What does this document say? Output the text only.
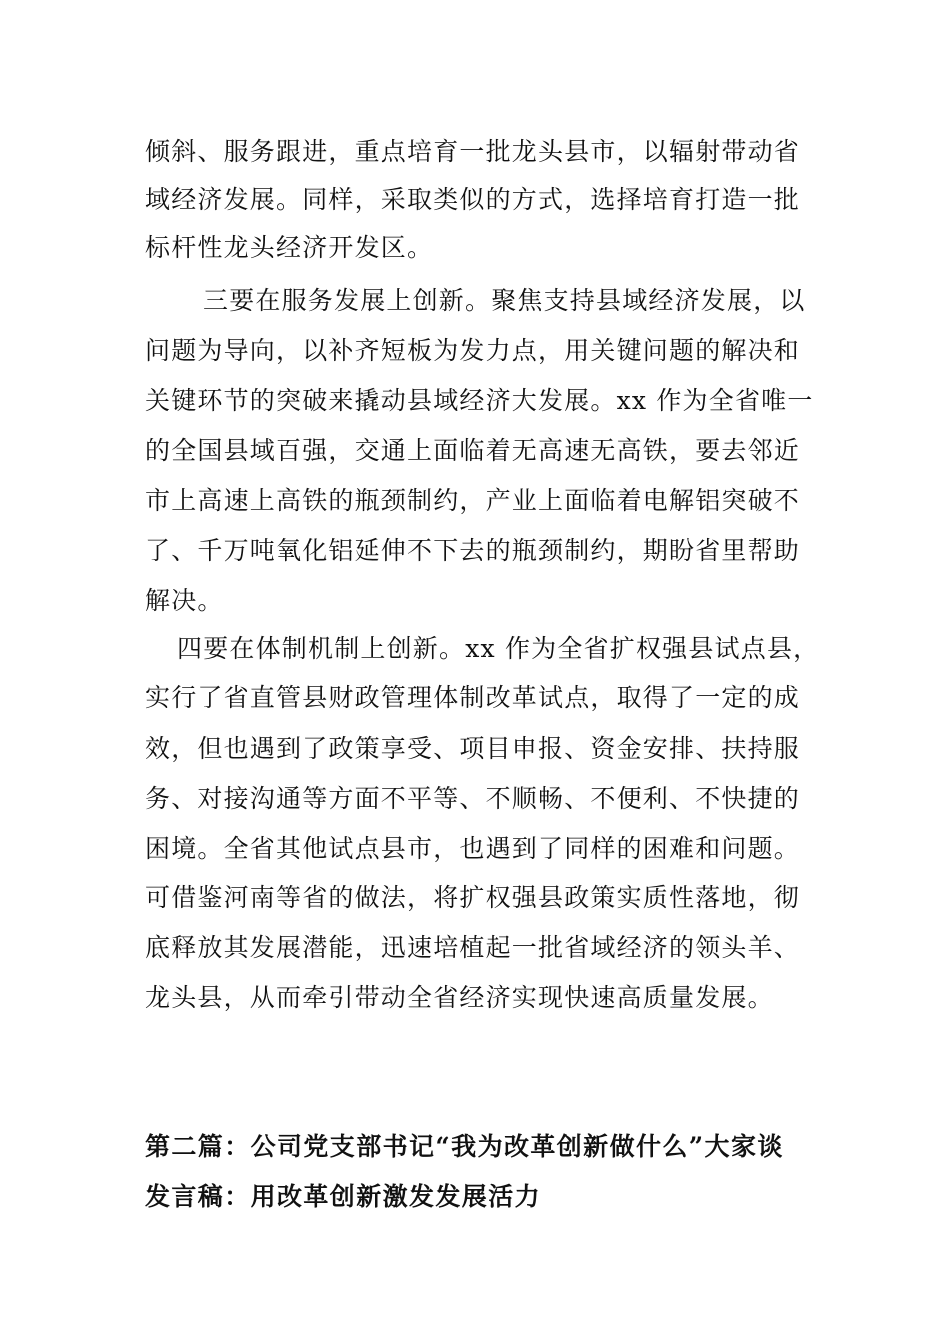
倾斜、服务跟进，重点培育一批龙头县市，以辐射带动省
域经济发展。同样，采取类似的方式，选择培育打造一批
标杆性龙头经济开发区。
三要在服务发展上创新。聚焦支持县域经济发展，以
问题为导向，以补齐短板为发力点，用关键问题的解决和
关键环节的突破来撬动县域经济大发展。xx 作为全省唯一
的全国县域百强，交通上面临着无高速无高铁，要去邻近
市上高速上高铁的瓶颈制约，产业上面临着电解铝突破不
了、千万吨氧化铝延伸不下去的瓶颈制约，期盼省里帮助
解决。
四要在体制机制上创新。xx 作为全省扩权强县试点县，
实行了省直管县财政管理体制改革试点，取得了一定的成
效，但也遇到了政策享受、项目申报、资金安排、扶持服
务、对接沟通等方面不平等、不顺畅、不便利、不快捷的
困境。全省其他试点县市，也遇到了同样的困难和问题。
可借鉴河南等省的做法，将扩权强县政策实质性落地，彻
底释放其发展潜能，迅速培植起一批省域经济的领头羊、
龙头县，从而牵引带动全省经济实现快速高质量发展。
第二篇：公司党支部书记“我为改革创新做什么”大家谈
发言稿：用改革创新激发发展活力
